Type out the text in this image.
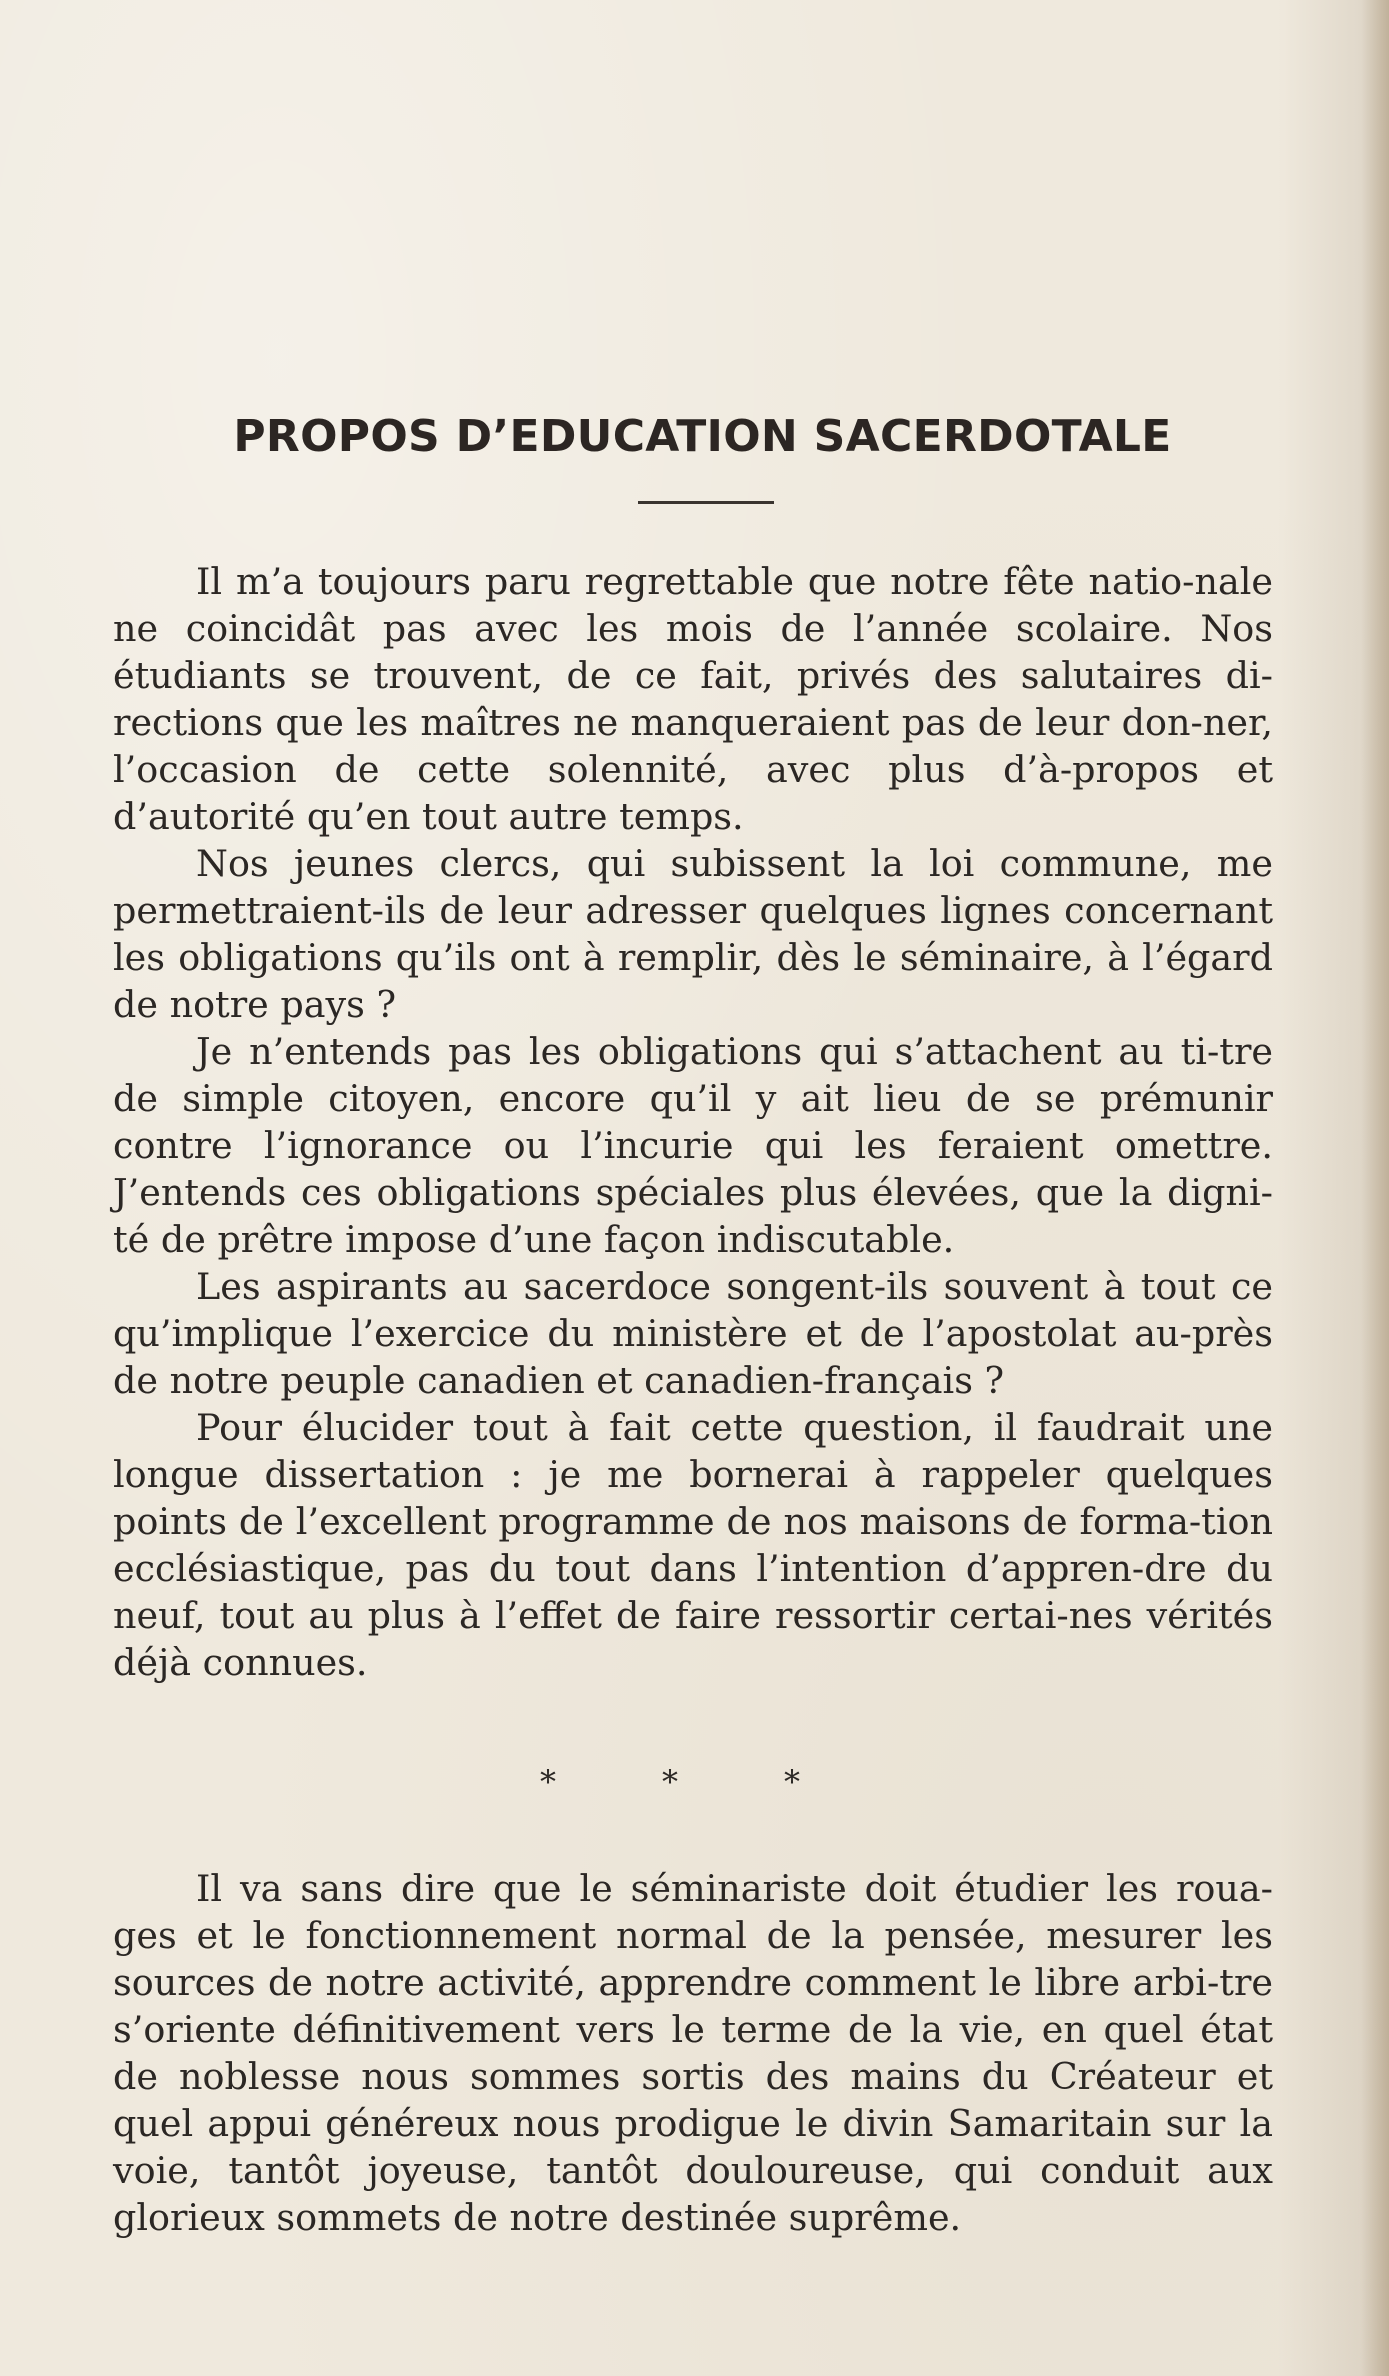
PROPOS D’EDUCATION SACERDOTALE

Il m’a toujours paru regrettable que notre fête natio-nale ne coincidât pas avec les mois de l’année scolaire. Nos étudiants se trouvent, de ce fait, privés des salutaires di-rections que les maîtres ne manqueraient pas de leur don-ner, l’occasion de cette solennité, avec plus d’à-propos et d’autorité qu’en tout autre temps.

Nos jeunes clercs, qui subissent la loi commune, me permettraient-ils de leur adresser quelques lignes concernant les obligations qu’ils ont à remplir, dès le séminaire, à l’égard de notre pays ?

Je n’entends pas les obligations qui s’attachent au ti-tre de simple citoyen, encore qu’il y ait lieu de se prémunir contre l’ignorance ou l’incurie qui les feraient omettre. J’entends ces obligations spéciales plus élevées, que la digni-té de prêtre impose d’une façon indiscutable.

Les aspirants au sacerdoce songent-ils souvent à tout ce qu’implique l’exercice du ministère et de l’apostolat au-près de notre peuple canadien et canadien-français ?

Pour élucider tout à fait cette question, il faudrait une longue dissertation : je me bornerai à rappeler quelques points de l’excellent programme de nos maisons de forma-tion ecclésiastique, pas du tout dans l’intention d’appren-dre du neuf, tout au plus à l’effet de faire ressortir certai-nes vérités déjà connues.

*	*	*

Il va sans dire que le séminariste doit étudier les roua-ges et le fonctionnement normal de la pensée, mesurer les sources de notre activité, apprendre comment le libre arbi-tre s’oriente définitivement vers le terme de la vie, en quel état de noblesse nous sommes sortis des mains du Créateur et quel appui généreux nous prodigue le divin Samaritain sur la voie, tantôt joyeuse, tantôt douloureuse, qui conduit aux glorieux sommets de notre destinée suprême.
